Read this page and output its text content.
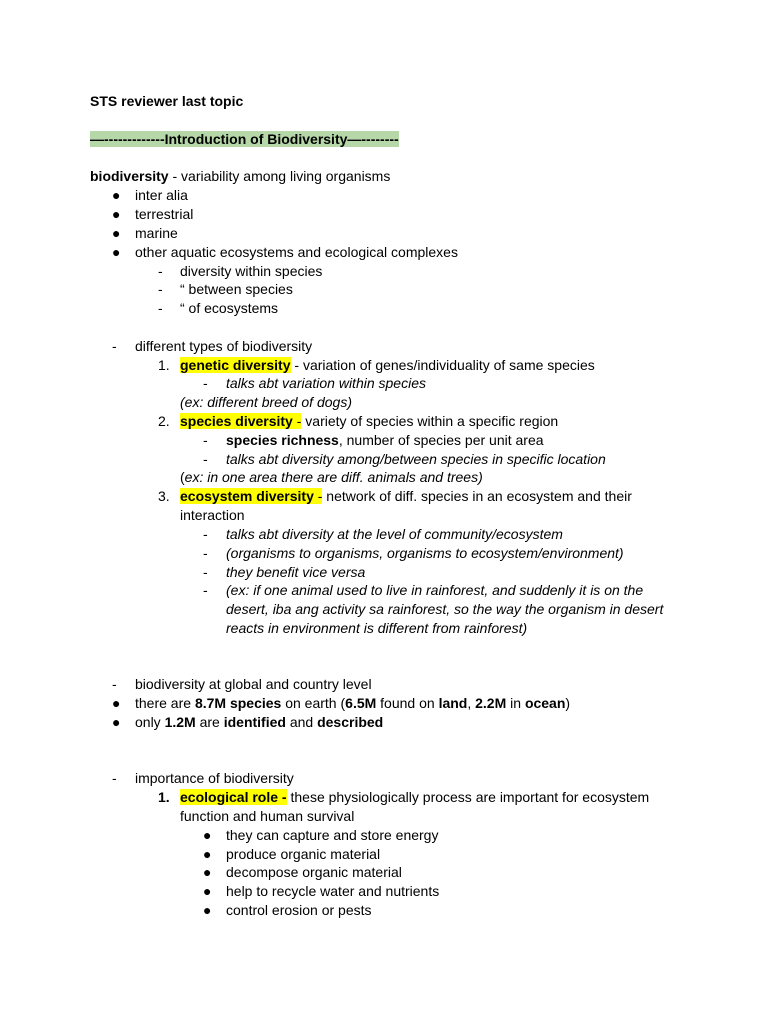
STS reviewer last topic
—-------------Introduction of Biodiversity—--------
biodiversity - variability among living organisms
● inter alia
● terrestrial
● marine
● other aquatic ecosystems and ecological complexes
- diversity within species
- “ between species
- “ of ecosystems
- different types of biodiversity
1. genetic diversity - variation of genes/individuality of same species
- talks abt variation within species
(ex: different breed of dogs)
2. species diversity - variety of species within a specific region
- species richness, number of species per unit area
- talks abt diversity among/between species in specific location
(ex: in one area there are diff. animals and trees)
3. ecosystem diversity - network of diff. species in an ecosystem and their
interaction
- talks abt diversity at the level of community/ecosystem
- (organisms to organisms, organisms to ecosystem/environment)
- they benefit vice versa
- (ex: if one animal used to live in rainforest, and suddenly it is on the
desert, iba ang activity sa rainforest, so the way the organism in desert
reacts in environment is different from rainforest)
- biodiversity at global and country level
● there are 8.7M species on earth (6.5M found on land, 2.2M in ocean)
● only 1.2M are identified and described
- importance of biodiversity
1. ecological role - these physiologically process are important for ecosystem
function and human survival
● they can capture and store energy
● produce organic material
● decompose organic material
● help to recycle water and nutrients
● control erosion or pests
